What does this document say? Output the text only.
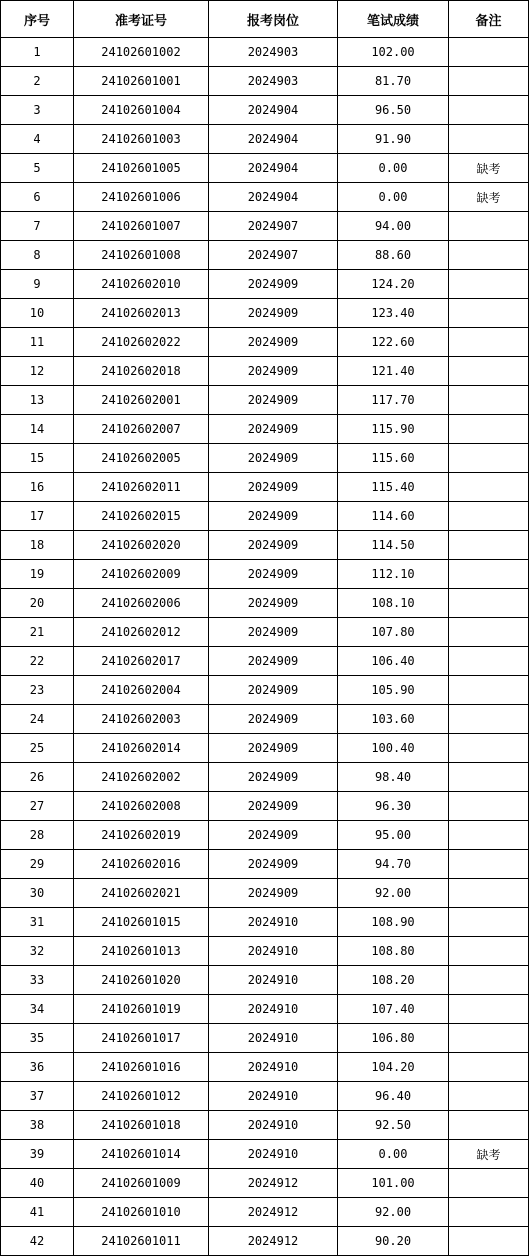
序号	准考证号	报考岗位	笔试成绩	备注
1	24102601002	2024903	102.00	
2	24102601001	2024903	81.70	
3	24102601004	2024904	96.50	
4	24102601003	2024904	91.90	
5	24102601005	2024904	0.00	缺考
6	24102601006	2024904	0.00	缺考
7	24102601007	2024907	94.00	
8	24102601008	2024907	88.60	
9	24102602010	2024909	124.20	
10	24102602013	2024909	123.40	
11	24102602022	2024909	122.60	
12	24102602018	2024909	121.40	
13	24102602001	2024909	117.70	
14	24102602007	2024909	115.90	
15	24102602005	2024909	115.60	
16	24102602011	2024909	115.40	
17	24102602015	2024909	114.60	
18	24102602020	2024909	114.50	
19	24102602009	2024909	112.10	
20	24102602006	2024909	108.10	
21	24102602012	2024909	107.80	
22	24102602017	2024909	106.40	
23	24102602004	2024909	105.90	
24	24102602003	2024909	103.60	
25	24102602014	2024909	100.40	
26	24102602002	2024909	98.40	
27	24102602008	2024909	96.30	
28	24102602019	2024909	95.00	
29	24102602016	2024909	94.70	
30	24102602021	2024909	92.00	
31	24102601015	2024910	108.90	
32	24102601013	2024910	108.80	
33	24102601020	2024910	108.20	
34	24102601019	2024910	107.40	
35	24102601017	2024910	106.80	
36	24102601016	2024910	104.20	
37	24102601012	2024910	96.40	
38	24102601018	2024910	92.50	
39	24102601014	2024910	0.00	缺考
40	24102601009	2024912	101.00	
41	24102601010	2024912	92.00	
42	24102601011	2024912	90.20	
